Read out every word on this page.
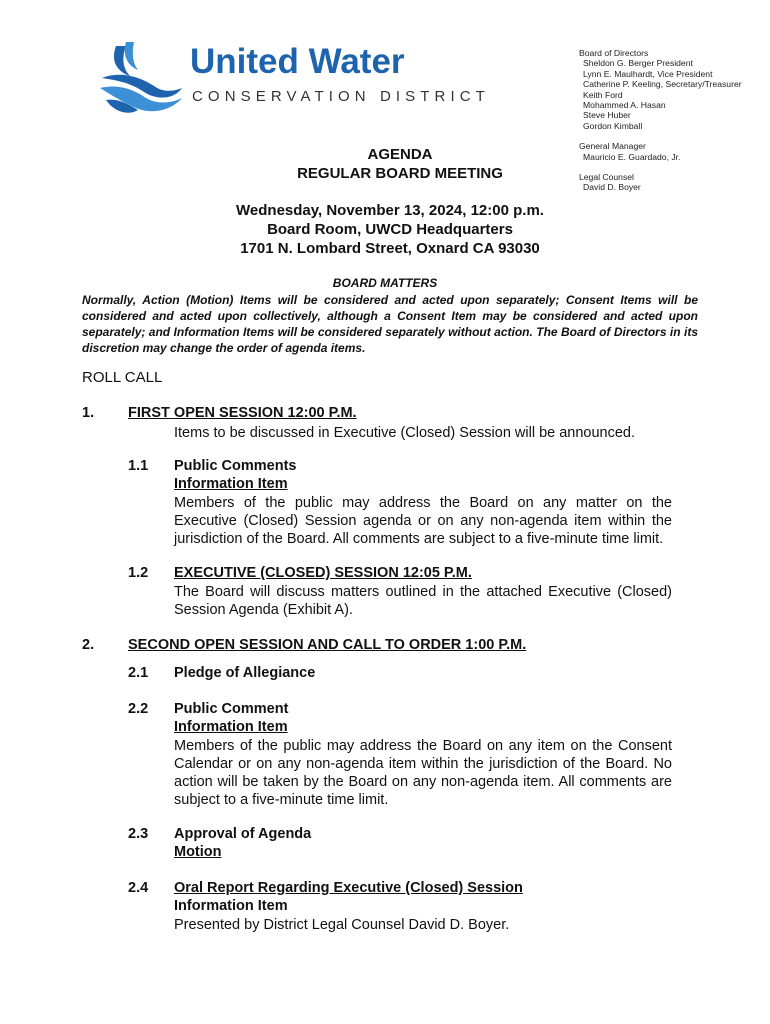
United Water
CONSERVATION DISTRICT
Board of Directors
Sheldon G. Berger President
Lynn E. Maulhardt, Vice President
Catherine P. Keeling, Secretary/Treasurer
Keith Ford
Mohammed A. Hasan
Steve Huber
Gordon Kimball
General Manager
Mauricio E. Guardado, Jr.
Legal Counsel
David D. Boyer
AGENDA
REGULAR BOARD MEETING
Wednesday, November 13, 2024, 12:00 p.m.
Board Room, UWCD Headquarters
1701 N. Lombard Street, Oxnard CA 93030
BOARD MATTERS
Normally, Action (Motion) Items will be considered and acted upon separately; Consent Items will be considered and acted upon collectively, although a Consent Item may be considered and acted upon separately; and Information Items will be considered separately without action. The Board of Directors in its discretion may change the order of agenda items.
ROLL CALL
1. FIRST OPEN SESSION 12:00 P.M.
Items to be discussed in Executive (Closed) Session will be announced.
1.1 Public Comments
Information Item
Members of the public may address the Board on any matter on the Executive (Closed) Session agenda or on any non-agenda item within the jurisdiction of the Board. All comments are subject to a five-minute time limit.
1.2 EXECUTIVE (CLOSED) SESSION 12:05 P.M.
The Board will discuss matters outlined in the attached Executive (Closed) Session Agenda (Exhibit A).
2. SECOND OPEN SESSION AND CALL TO ORDER 1:00 P.M.
2.1 Pledge of Allegiance
2.2 Public Comment
Information Item
Members of the public may address the Board on any item on the Consent Calendar or on any non-agenda item within the jurisdiction of the Board. No action will be taken by the Board on any non-agenda item. All comments are subject to a five-minute time limit.
2.3 Approval of Agenda
Motion
2.4 Oral Report Regarding Executive (Closed) Session
Information Item
Presented by District Legal Counsel David D. Boyer.
